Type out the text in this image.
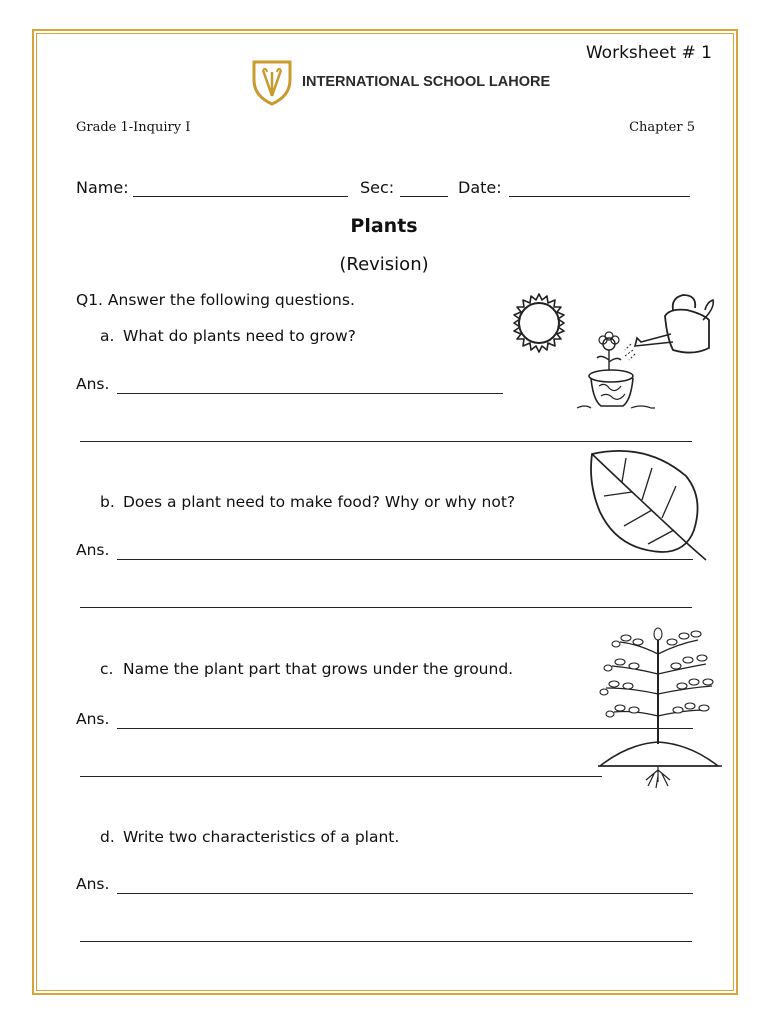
Worksheet # 1
INTERNATIONAL SCHOOL LAHORE
Grade 1-Inquiry I	Chapter 5
Name:	Sec:	Date:
Plants
(Revision)
Q1. Answer the following questions.
a. What do plants need to grow?
Ans.
b. Does a plant need to make food? Why or why not?
Ans.
c. Name the plant part that grows under the ground.
Ans.
d. Write two characteristics of a plant.
Ans.
